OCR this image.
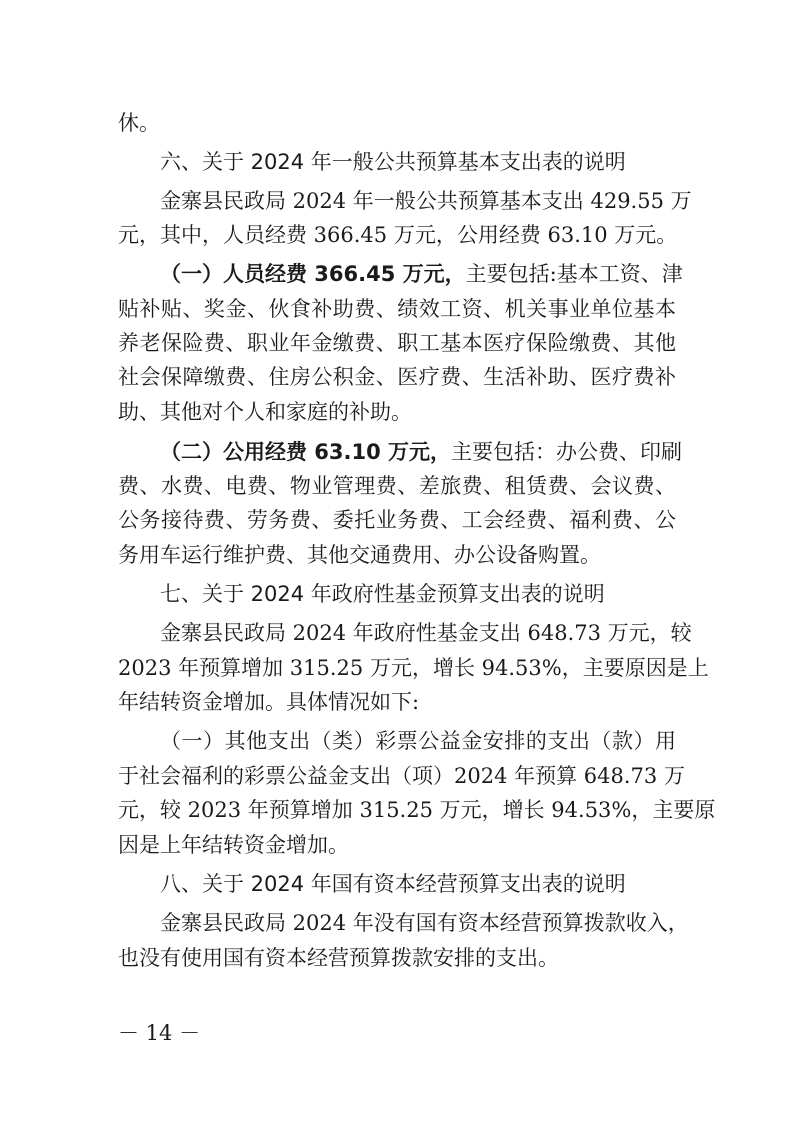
休。
六、关于 2024 年一般公共预算基本支出表的说明
金寨县民政局 2024 年一般公共预算基本支出 429.55 万
元，其中，人员经费 366.45 万元，公用经费 63.10 万元。
（一）人员经费 366.45 万元，主要包括:基本工资、津
贴补贴、奖金、伙食补助费、绩效工资、机关事业单位基本
养老保险费、职业年金缴费、职工基本医疗保险缴费、其他
社会保障缴费、住房公积金、医疗费、生活补助、医疗费补
助、其他对个人和家庭的补助。
（二）公用经费 63.10 万元，主要包括：办公费、印刷
费、水费、电费、物业管理费、差旅费、租赁费、会议费、
公务接待费、劳务费、委托业务费、工会经费、福利费、公
务用车运行维护费、其他交通费用、办公设备购置。
七、关于 2024 年政府性基金预算支出表的说明
金寨县民政局 2024 年政府性基金支出 648.73 万元，较
2023 年预算增加 315.25 万元，增长 94.53%，主要原因是上
年结转资金增加。具体情况如下:
（一）其他支出（类）彩票公益金安排的支出（款）用
于社会福利的彩票公益金支出（项）2024 年预算 648.73 万
元，较 2023 年预算增加 315.25 万元，增长 94.53%，主要原
因是上年结转资金增加。
八、关于 2024 年国有资本经营预算支出表的说明
金寨县民政局 2024 年没有国有资本经营预算拨款收入，
也没有使用国有资本经营预算拨款安排的支出。
－ 14 －
